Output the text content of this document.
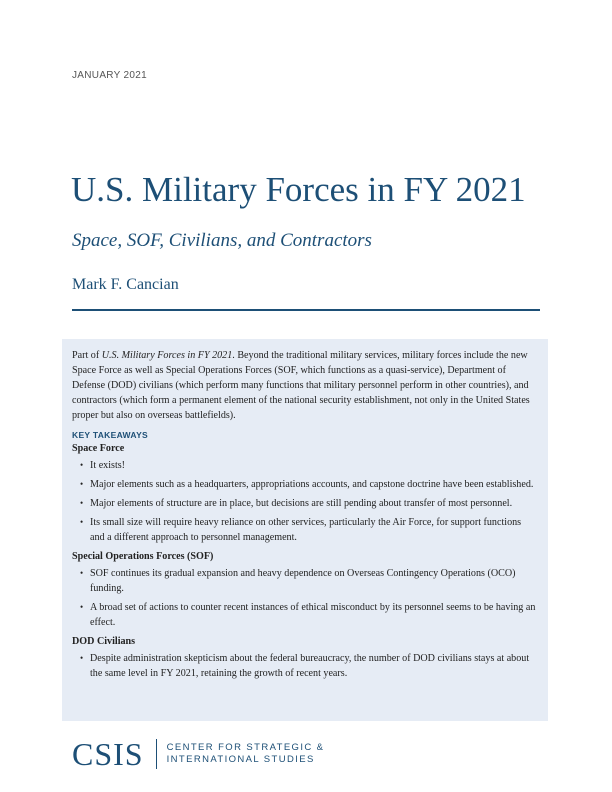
JANUARY 2021
U.S. Military Forces in FY 2021
Space, SOF, Civilians, and Contractors
Mark F. Cancian

Part of U.S. Military Forces in FY 2021. Beyond the traditional military services, military forces include the new Space Force as well as Special Operations Forces (SOF, which functions as a quasi-service), Department of Defense (DOD) civilians (which perform many functions that military personnel perform in other countries), and contractors (which form a permanent element of the national security establishment, not only in the United States proper but also on overseas battlefields).

KEY TAKEAWAYS
Space Force
• It exists!
• Major elements such as a headquarters, appropriations accounts, and capstone doctrine have been established.
• Major elements of structure are in place, but decisions are still pending about transfer of most personnel.
• Its small size will require heavy reliance on other services, particularly the Air Force, for support functions and a different approach to personnel management.
Special Operations Forces (SOF)
• SOF continues its gradual expansion and heavy dependence on Overseas Contingency Operations (OCO) funding.
• A broad set of actions to counter recent instances of ethical misconduct by its personnel seems to be having an effect.
DOD Civilians
• Despite administration skepticism about the federal bureaucracy, the number of DOD civilians stays at about the same level in FY 2021, retaining the growth of recent years.
CSIS CENTER FOR STRATEGIC &
INTERNATIONAL STUDIES
